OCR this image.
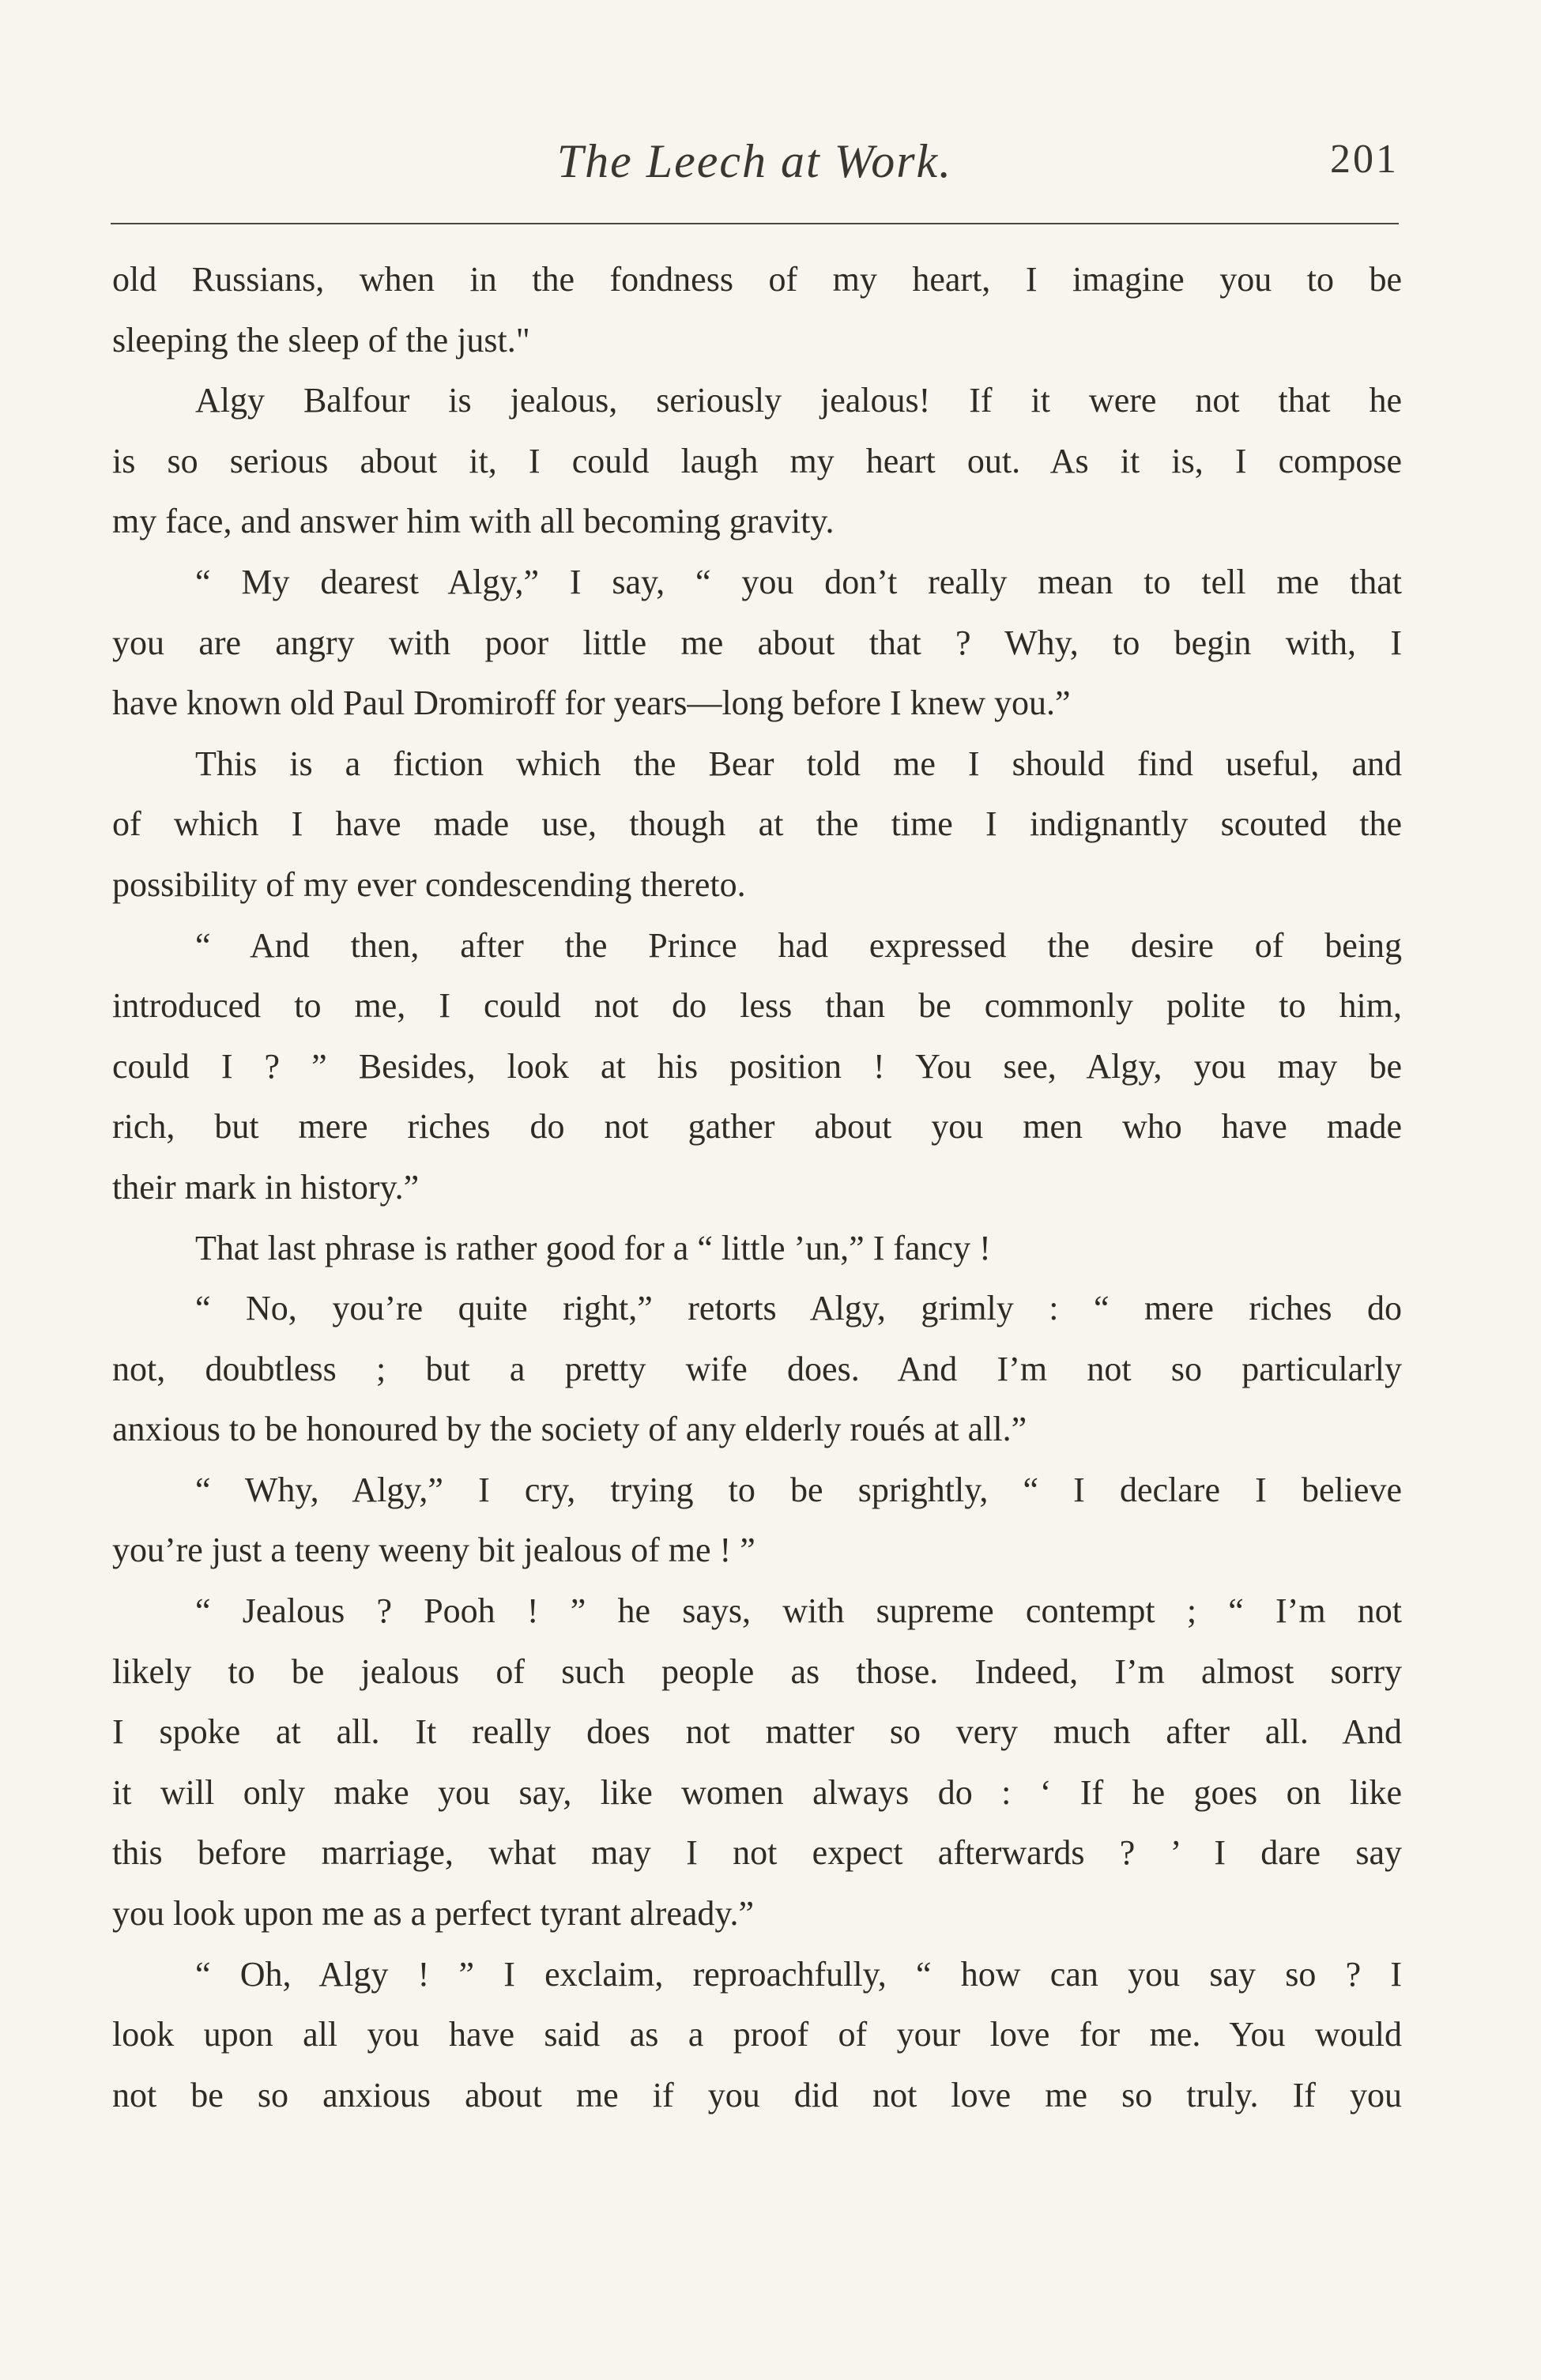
The Leech at Work.	201
old Russians, when in the fondness of my heart, I imagine you to be
sleeping the sleep of the just."
Algy Balfour is jealous, seriously jealous! If it were not that he
is so serious about it, I could laugh my heart out. As it is, I compose
my face, and answer him with all becoming gravity.
“ My dearest Algy,” I say, “ you don’t really mean to tell me that
you are angry with poor little me about that ? Why, to begin with, I
have known old Paul Dromiroff for years—long before I knew you.”
This is a fiction which the Bear told me I should find useful, and
of which I have made use, though at the time I indignantly scouted the
possibility of my ever condescending thereto.
“ And then, after the Prince had expressed the desire of being
introduced to me, I could not do less than be commonly polite to him,
could I ? ” Besides, look at his position ! You see, Algy, you may be
rich, but mere riches do not gather about you men who have made
their mark in history.”
That last phrase is rather good for a “ little ’un,” I fancy !
“ No, you’re quite right,” retorts Algy, grimly : “ mere riches do
not, doubtless ; but a pretty wife does. And I’m not so particularly
anxious to be honoured by the society of any elderly roués at all.”
“ Why, Algy,” I cry, trying to be sprightly, “ I declare I believe
you’re just a teeny weeny bit jealous of me ! ”
“ Jealous ? Pooh ! ” he says, with supreme contempt ; “ I’m not
likely to be jealous of such people as those. Indeed, I’m almost sorry
I spoke at all. It really does not matter so very much after all. And
it will only make you say, like women always do : ‘ If he goes on like
this before marriage, what may I not expect afterwards ? ’ I dare say
you look upon me as a perfect tyrant already.”
“ Oh, Algy ! ” I exclaim, reproachfully, “ how can you say so ? I
look upon all you have said as a proof of your love for me. You would
not be so anxious about me if you did not love me so truly. If you
